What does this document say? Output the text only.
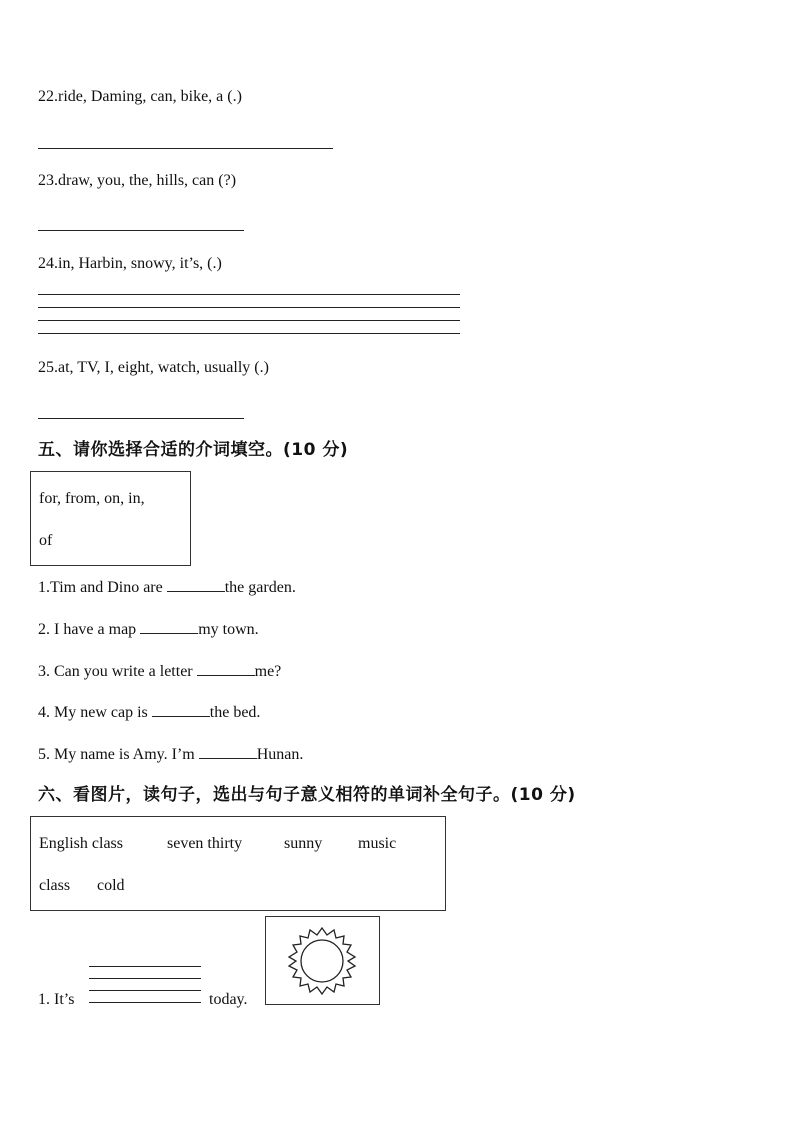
22.ride, Daming, can, bike, a (.)
23.draw, you, the, hills, can (?)
24.in, Harbin, snowy, it’s, (.)
25.at, TV, I, eight, watch, usually (.)
五、请你选择合适的介词填空。(10 分)
for, from, on, in,
of
1.Tim and Dino are	the garden.
2. I have a map	my town.
3. Can you write a letter	me?
4. My new cap is	the bed.
5. My name is Amy. I’m	Hunan.
六、看图片，读句子，选出与句子意义相符的单词补全句子。(10 分)
English class	seven thirty	sunny music
class cold
1. It’s	today.
